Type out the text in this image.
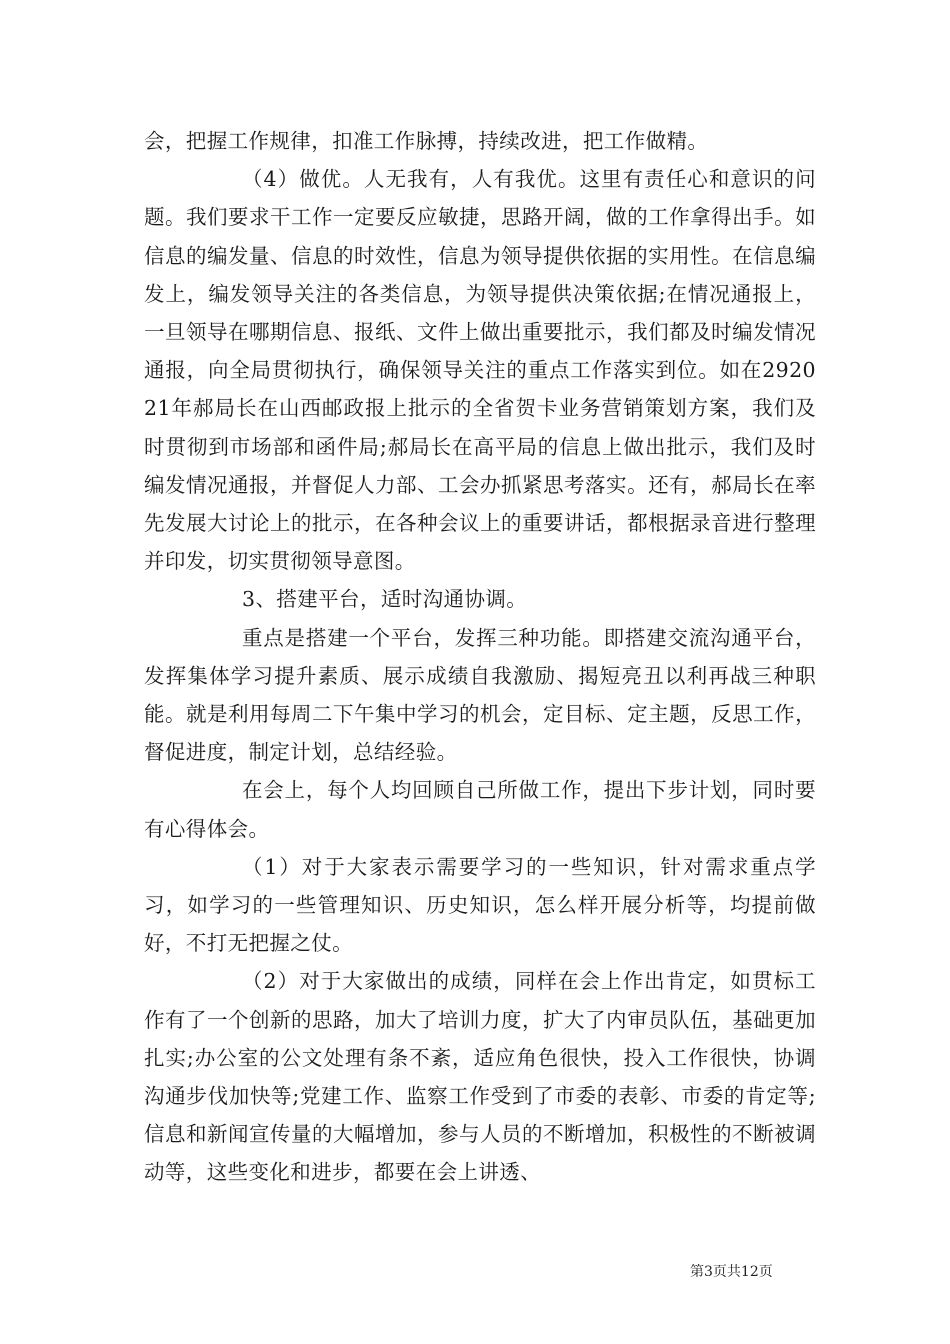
会，把握工作规律，扣准工作脉搏，持续改进，把工作做精。

（4）做优。人无我有，人有我优。这里有责任心和意识的问题。我们要求干工作一定要反应敏捷，思路开阔，做的工作拿得出手。如信息的编发量、信息的时效性，信息为领导提供依据的实用性。在信息编发上，编发领导关注的各类信息，为领导提供决策依据;在情况通报上，一旦领导在哪期信息、报纸、文件上做出重要批示，我们都及时编发情况通报，向全局贯彻执行，确保领导关注的重点工作落实到位。如在292021年郝局长在山西邮政报上批示的全省贺卡业务营销策划方案，我们及时贯彻到市场部和函件局;郝局长在高平局的信息上做出批示，我们及时编发情况通报，并督促人力部、工会办抓紧思考落实。还有，郝局长在率先发展大讨论上的批示，在各种会议上的重要讲话，都根据录音进行整理并印发，切实贯彻领导意图。

3、搭建平台，适时沟通协调。

重点是搭建一个平台，发挥三种功能。即搭建交流沟通平台，发挥集体学习提升素质、展示成绩自我激励、揭短亮丑以利再战三种职能。就是利用每周二下午集中学习的机会，定目标、定主题，反思工作，督促进度，制定计划，总结经验。

在会上，每个人均回顾自己所做工作，提出下步计划，同时要有心得体会。

（1）对于大家表示需要学习的一些知识，针对需求重点学习，如学习的一些管理知识、历史知识，怎么样开展分析等，均提前做好，不打无把握之仗。

（2）对于大家做出的成绩，同样在会上作出肯定，如贯标工作有了一个创新的思路，加大了培训力度，扩大了内审员队伍，基础更加扎实;办公室的公文处理有条不紊，适应角色很快，投入工作很快，协调沟通步伐加快等;党建工作、监察工作受到了市委的表彰、市委的肯定等;信息和新闻宣传量的大幅增加，参与人员的不断增加，积极性的不断被调动等，这些变化和进步，都要在会上讲透、

第3页共12页
